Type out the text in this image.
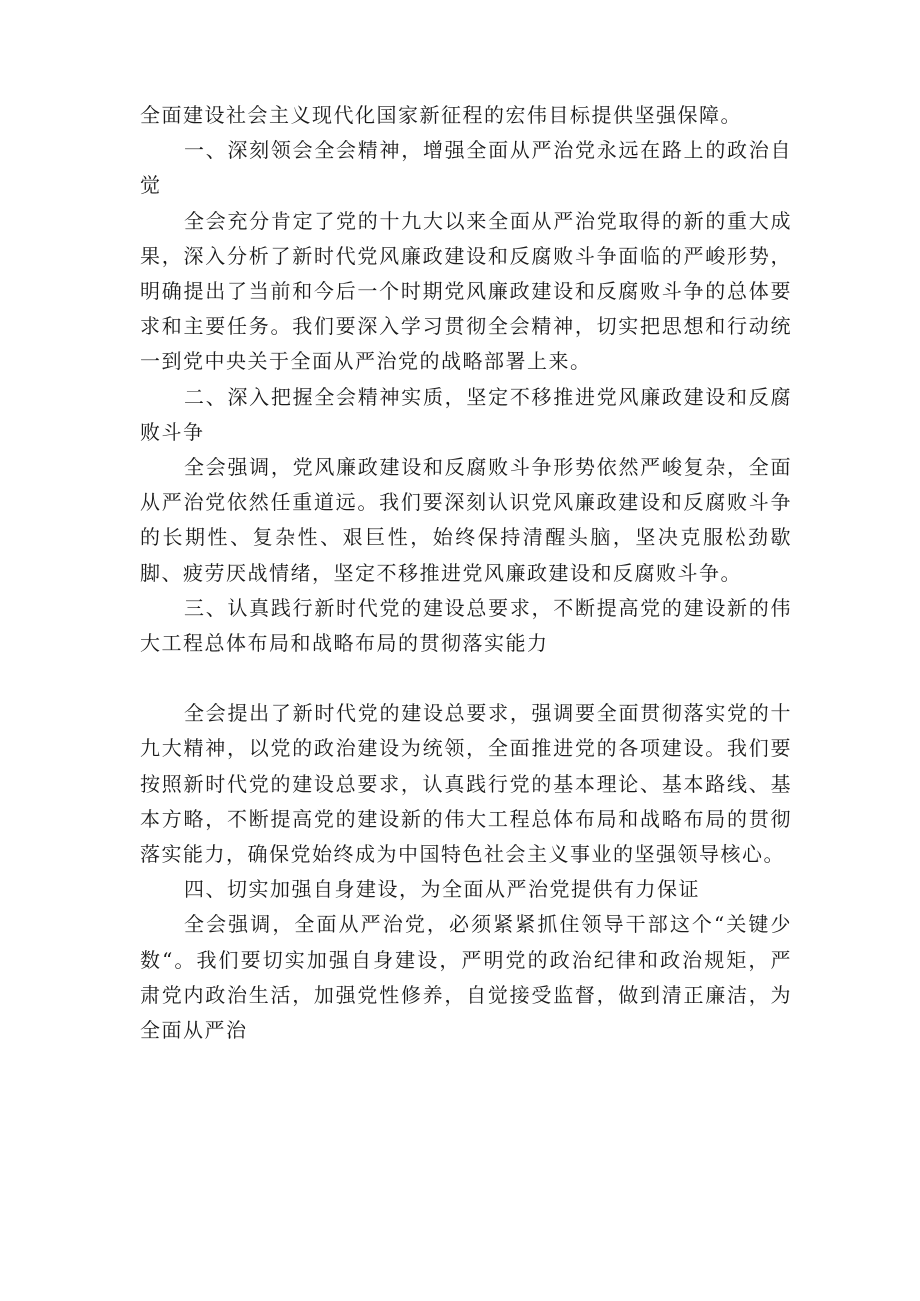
全面建设社会主义现代化国家新征程的宏伟目标提供坚强保障。

一、深刻领会全会精神，增强全面从严治党永远在路上的政治自觉

全会充分肯定了党的十九大以来全面从严治党取得的新的重大成果，深入分析了新时代党风廉政建设和反腐败斗争面临的严峻形势，明确提出了当前和今后一个时期党风廉政建设和反腐败斗争的总体要求和主要任务。我们要深入学习贯彻全会精神，切实把思想和行动统一到党中央关于全面从严治党的战略部署上来。

二、深入把握全会精神实质，坚定不移推进党风廉政建设和反腐败斗争

全会强调，党风廉政建设和反腐败斗争形势依然严峻复杂，全面从严治党依然任重道远。我们要深刻认识党风廉政建设和反腐败斗争的长期性、复杂性、艰巨性，始终保持清醒头脑，坚决克服松劲歇脚、疲劳厌战情绪，坚定不移推进党风廉政建设和反腐败斗争。

三、认真践行新时代党的建设总要求，不断提高党的建设新的伟大工程总体布局和战略布局的贯彻落实能力

全会提出了新时代党的建设总要求，强调要全面贯彻落实党的十九大精神，以党的政治建设为统领，全面推进党的各项建设。我们要按照新时代党的建设总要求，认真践行党的基本理论、基本路线、基本方略，不断提高党的建设新的伟大工程总体布局和战略布局的贯彻落实能力，确保党始终成为中国特色社会主义事业的坚强领导核心。

四、切实加强自身建设，为全面从严治党提供有力保证

全会强调，全面从严治党，必须紧紧抓住领导干部这个“关键少数“。我们要切实加强自身建设，严明党的政治纪律和政治规矩，严肃党内政治生活，加强党性修养，自觉接受监督，做到清正廉洁，为全面从严治
